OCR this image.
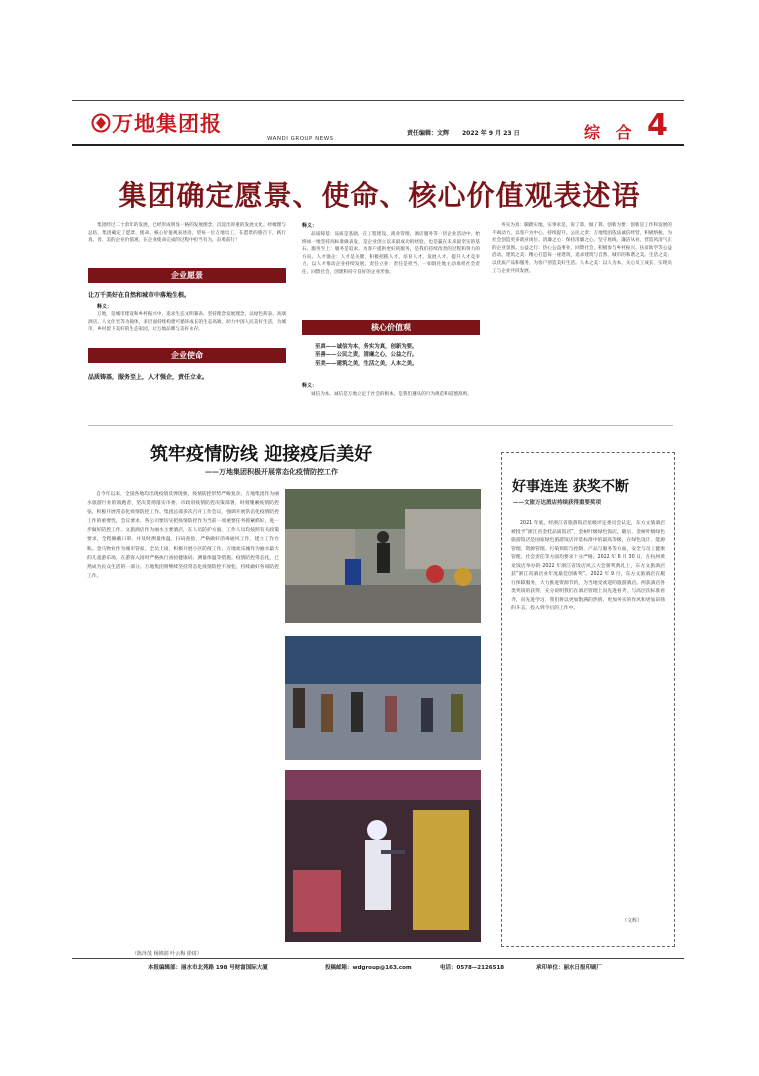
万地集团报
WANDI GROUP NEWS
责任编辑：文辉 2022 年 9 月 23 日	综 合 4
集团确定愿景、使命、核心价值观表述语

集团经过二十余年的发展，已经形成明显一格的发展理念，沉淀出厚重的发展文化。经梳理与总结，集团确定了愿景、使命、核心价值观表述语，望每一位万地员工，在愿景的感召下，践行真、善、美的企业价值观，在企业使命完成的过程中担当有为，奋勇前行！

企业愿景
让万千美好在自然和城市中落地生根。
释义：

万地，是城市建设和乡村振兴中，追求生态文明兼表、坚持理念发展理念，以绿色荷表、高端酒店、人文住宅等为载体，多层面持续构建可循环成长的生态高端，助力中国人民美好生活，为城市、乡村留下美好的生态家园，让万地品牌与美好永存。

企业使命
品质铸基，服务至上，人才强企，责任立业。
释义：

品质铸基：品质是基础，在工程建设、商业管理、酒店服务等一切企业活动中，始终如一地坚持高标准做表发，是企业创立以来最成功的经验，也是赢在未来最坚实的基石。服务至上：服务是追求。为客户提供更好的服务，是我们持续改善的过程和努力的方向。人才强企：人才是关键，积极招揽人才，培育人才，发展人才，提升人才竞争力，以人才推动企业持续发展。责任立业：责任是担当，一如既往地主动承担社会责任，回馈社会，创建和持守良好的企业形象。

核心价值观

至真——诚信为本，务实为真，创新为要。

至善——公民之责，清廉之心，公益之行。

至美——建筑之美，生活之美，人本之美。

释义：

诚信为本，诚信是万地立足于社会的根本，是我们遵从的行为规范和道德准则。

务实为真：脚踏实地，实事求是，说了算，做了算。创新为要：创新是工作和发展的不竭动力，以客户为中心，持续提升。公民之责：万地集团依法诚信经营，积极纳税，为社会创造更多就业岗位。清廉之心：保持清廉之心，坚守底线，廉洁从业，营造风清气正的企业氛围。公益之行：热心公益事业，回馈社会，积极参与乡村振兴、扶贫助学等公益活动。建筑之美：精心打造每一座建筑，追求建筑与自然、城市的和谐之美。生活之美：以优质产品和服务，为客户创造美好生活。人本之美：以人为本，关心员工成长，实现员工与企业共同发展。

筑牢疫情防线 迎接疫后美好
——万地集团积极开展常态化疫情防控工作

自今年以来，全国各地均出现疫情反弹现象，疫情防控形势严峻复杂。万地集团作为丽水旅游行业的领跑者，坚决贯彻落实市委、市政府疫情防控决策部署，时刻绷紧疫情防控弦，积极开展常态化疫情防控工作。集团总部多次召开工作会议，强调开展常态化疫情防控工作的重要性。会议要求，各公司要切实把疫情防控作为当前一项重要任务抓紧抓好，进一步做好防控工作。文旅酒店作为丽水主要酒店，在人员防护方面，工作人员均按照有关政策要求，全程佩戴口罩，并及时测量体温，扫码查验，严格做好消毒通风工作，建立工作台账。金马物业作为城市管家，全员上岗，积极开展小区防疫工作。万地欢乐城作为丽水最大的儿童游乐场，在游客入园时严格执行查验健康码、测量体温等措施。疫情防控常态化，已然成为民众生活的一部分。万地集团将继续坚持常态化疫情防控不放松，持续做好各项防控工作。

（陈泽茂 杨锦润 叶云梅 徐琦）
好事连连 获奖不断
——文旅万达酒店持续获得重要奖项

2021 年底，经浙江省旅游饭店星级评定委员会认定，东方文旅酒店被授予“浙江省金桂品质饭店”，金树叶级绿色饭店。随后，金树叶级绿色旅游饭店是国家绿色旅游饭店评选标准中的最高等级，在绿色设计、能源管理、资源管理、污染预防与控制、产品与服务等方面，安全与员工健康管理、社会责任等方面均要求十分严格。2022 年 6 月 30 日，在杭州黄龙饭店举办的 2022 年浙江省饭店风云大会颁奖典礼上，东方文旅酒店获“浙江省酒店业年度最佳创新奖”。2022 年 9 月，东方文旅酒店在履行保障服务，大力推进资源节约，为当地受欢迎的旅游酒店。两获酒店各类奖项的获得，充分说明我们在酒店管理上向先进看齐，与高层次标准看齐，向先进学习，我们将以更加饱满的热情、更加务实的作风和更加昂扬的斗志，投入到今后的工作中。

（文辉）
本报编辑部：丽水市北苑路 198 号财富国际大厦	投稿邮箱：wdgroup@163.com	电话：0578—2126518	承印单位：丽水日报印刷厂
